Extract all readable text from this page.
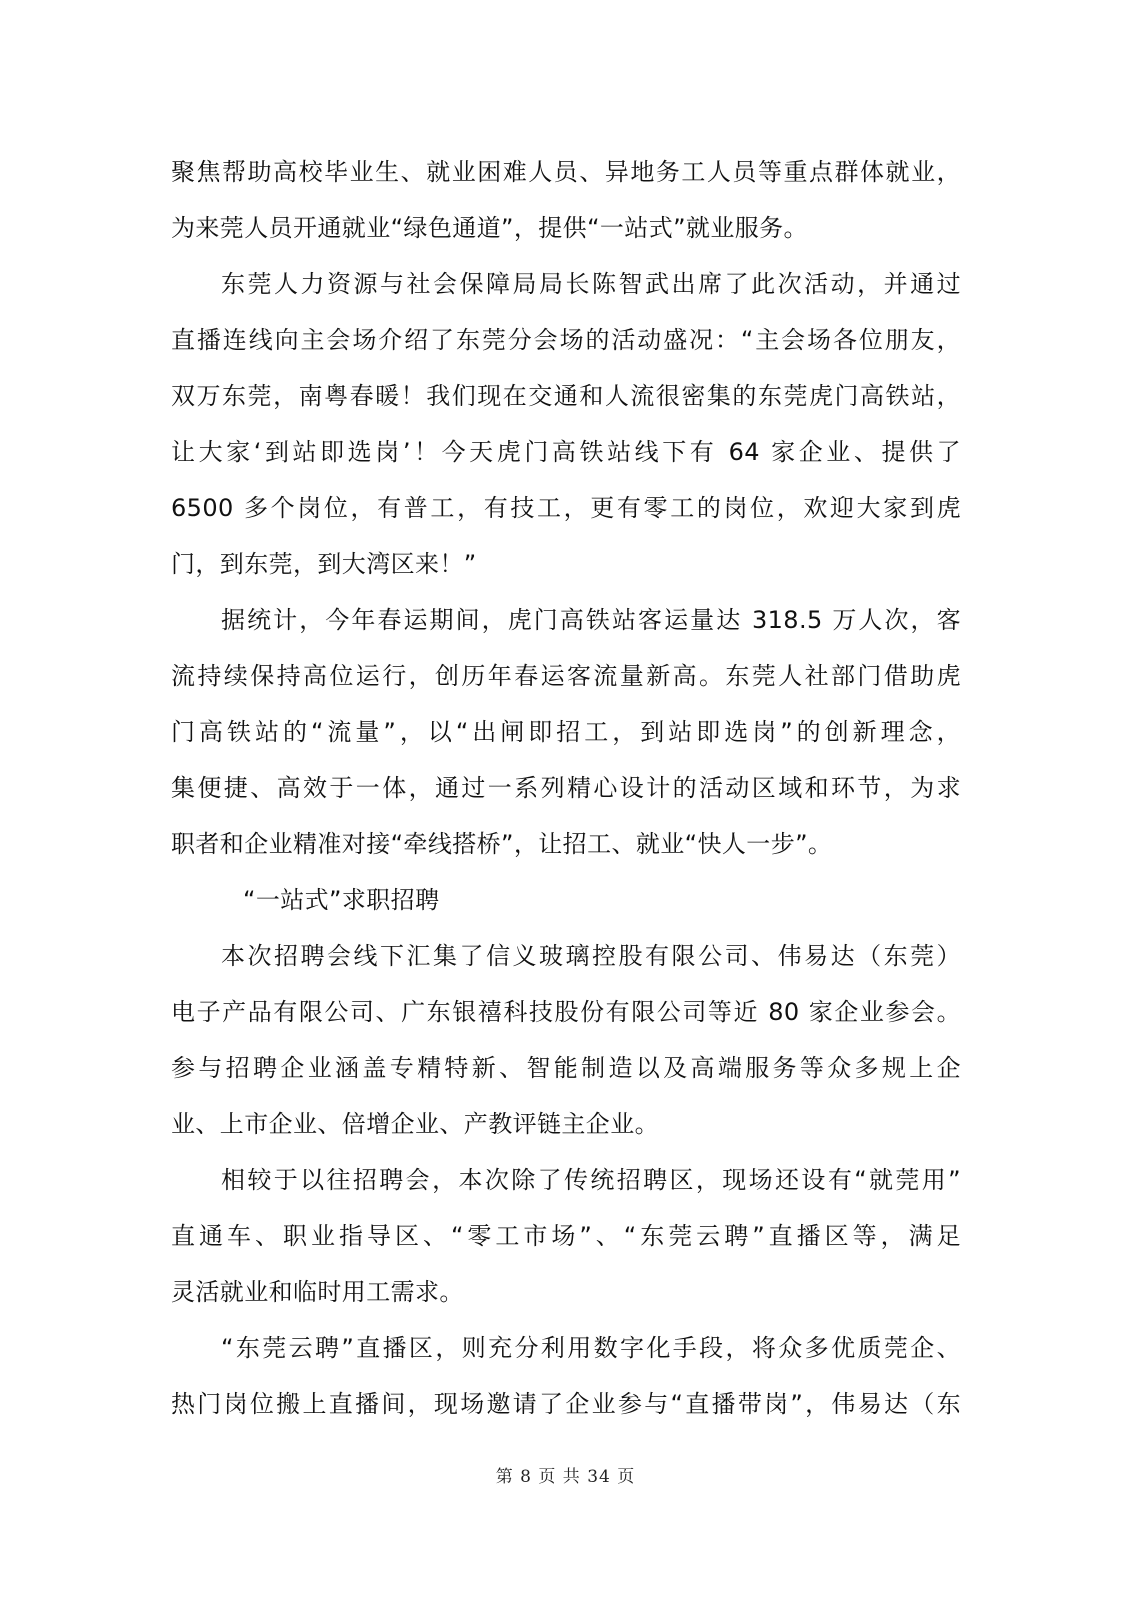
聚焦帮助高校毕业生、就业困难人员、异地务工人员等重点群体就业，
为来莞人员开通就业“绿色通道”，提供“一站式”就业服务。
东莞人力资源与社会保障局局长陈智武出席了此次活动，并通过
直播连线向主会场介绍了东莞分会场的活动盛况：“主会场各位朋友，
双万东莞，南粤春暖！我们现在交通和人流很密集的东莞虎门高铁站，
让大家‘到站即选岗’！今天虎门高铁站线下有 64 家企业、提供了
6500 多个岗位，有普工，有技工，更有零工的岗位，欢迎大家到虎
门，到东莞，到大湾区来！”
据统计，今年春运期间，虎门高铁站客运量达 318.5 万人次，客
流持续保持高位运行，创历年春运客流量新高。东莞人社部门借助虎
门高铁站的“流量”，以“出闸即招工，到站即选岗”的创新理念，
集便捷、高效于一体，通过一系列精心设计的活动区域和环节，为求
职者和企业精准对接“牵线搭桥”，让招工、就业“快人一步”。
“一站式”求职招聘
本次招聘会线下汇集了信义玻璃控股有限公司、伟易达（东莞）
电子产品有限公司、广东银禧科技股份有限公司等近 80 家企业参会。
参与招聘企业涵盖专精特新、智能制造以及高端服务等众多规上企
业、上市企业、倍增企业、产教评链主企业。
相较于以往招聘会，本次除了传统招聘区，现场还设有“就莞用”
直通车、职业指导区、“零工市场”、“东莞云聘”直播区等，满足
灵活就业和临时用工需求。
“东莞云聘”直播区，则充分利用数字化手段，将众多优质莞企、
热门岗位搬上直播间，现场邀请了企业参与“直播带岗”，伟易达（东
第 8 页 共 34 页
